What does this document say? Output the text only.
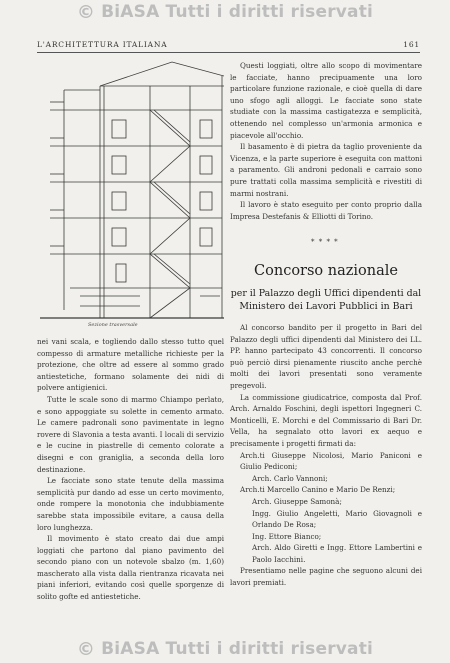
© BiASA Tutti i diritti riservati
L'ARCHITETTURA ITALIANA	161
Sezione trasversale

Questi loggiati, oltre allo scopo di movimentare le facciate, hanno precipuamente una loro particolare funzione razionale, e cioè quella di dare uno sfogo agli alloggi. Le facciate sono state studiate con la massima castigatezza e semplicità, ottenendo nel complesso un'armonia armonica e piacevole all'occhio.

Il basamento è di pietra da taglio proveniente da Vicenza, e la parte superiore è eseguita con mattoni a paramento. Gli androni pedonali e carraio sono pure trattati colla massima semplicità e rivestiti di marmi nostrani.

Il lavoro è stato eseguito per conto proprio dalla Impresa Destefanis & Elliotti di Torino.

* * * *
Concorso nazionale
per il Palazzo degli Uffici dipendenti dal Ministero dei Lavori Pubblici in Bari

nei vani scala, e togliendo dallo stesso tutto quel compesso di armature metalliche richieste per la protezione, che oltre ad essere al sommo grado antiestetiche, formano solamente dei nidi di polvere antigienici.

Tutte le scale sono di marmo Chiampo perlato, e sono appoggiate su solette in cemento armato. Le camere padronali sono pavimentate in legno rovere di Slavonia a testa avanti. I locali di servizio e le cucine in piastrelle di cemento colorate a disegni e con graniglia, a seconda della loro destinazione.

Le facciate sono state tenute della massima semplicità pur dando ad esse un certo movimento, onde rompere la monotonia che indubbiamente sarebbe stata impossibile evitare, a causa della loro lunghezza.

Il movimento è stato creato dai due ampi loggiati che partono dal piano pavimento del secondo piano con un notevole sbalzo (m. 1,60) mascherato alla vista dalla rientranza ricavata nei piani inferiori, evitando così quelle sporgenze di solito gofte ed antiestetiche.

Al concorso bandito per il progetto in Bari del Palazzo degli uffici dipendenti dal Ministero dei LL. PP. hanno partecipato 43 concorrenti. Il concorso può perciò dirsi pienamente riuscito anche perchè molti dei lavori presentati sono veramente pregevoli.

La commissione giudicatrice, composta dal Prof. Arch. Arnaldo Foschini, degli ispettori Ingegneri C. Monticelli, E. Morchi e del Commissario di Bari Dr. Vella, ha segnalato otto lavori ex aequo e precisamente i progetti firmati da:

Arch.ti Giuseppe Nicolosi, Mario Paniconi e Giulio Pediconi;

Arch. Carlo Vannoni;

Arch.ti Marcello Canino e Mario De Renzi;

Arch. Giuseppe Samonà;

Ingg. Giulio Angeletti, Mario Giovagnoli e Orlando De Rosa;

Ing. Ettore Bianco;

Arch. Aldo Giretti e Ingg. Ettore Lambertini e Paolo Iacchini.

Presentiamo nelle pagine che seguono alcuni dei lavori premiati.

© BiASA Tutti i diritti riservati
